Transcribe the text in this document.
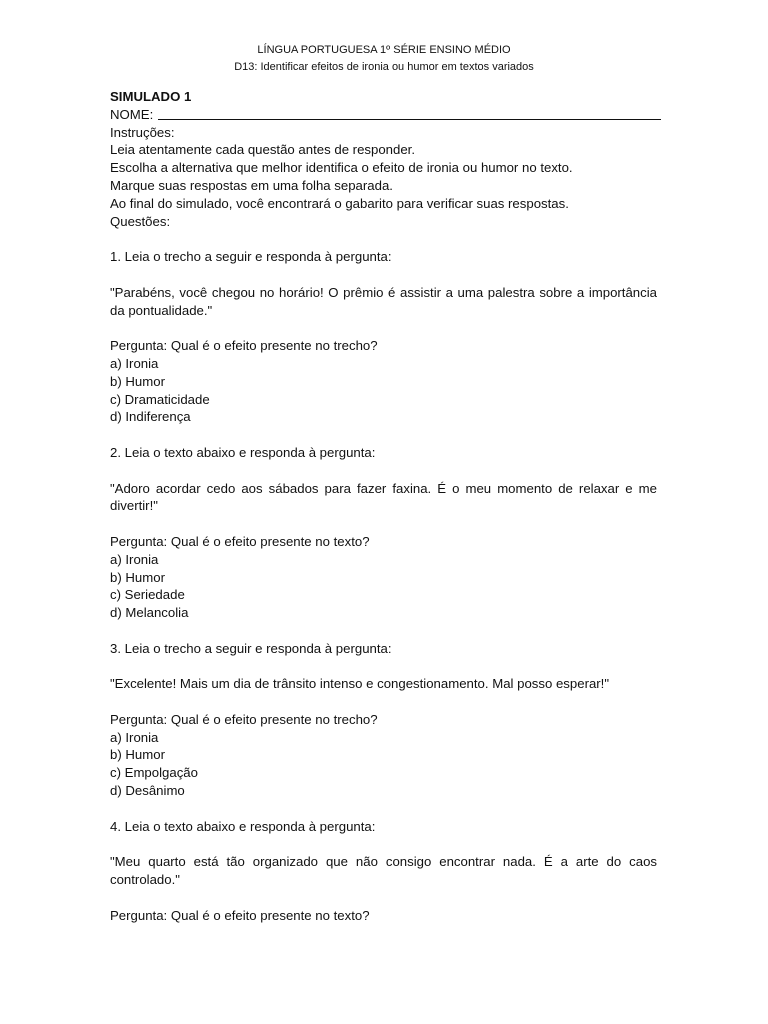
LÍNGUA PORTUGUESA 1º SÉRIE ENSINO MÉDIO
D13: Identificar efeitos de ironia ou humor em textos variados
SIMULADO 1
NOME:
Instruções:
Leia atentamente cada questão antes de responder.
Escolha a alternativa que melhor identifica o efeito de ironia ou humor no texto.
Marque suas respostas em uma folha separada.
Ao final do simulado, você encontrará o gabarito para verificar suas respostas.
Questões:
1. Leia o trecho a seguir e responda à pergunta:
"Parabéns, você chegou no horário! O prêmio é assistir a uma palestra sobre a importância da pontualidade."
Pergunta: Qual é o efeito presente no trecho?
a) Ironia
b) Humor
c) Dramaticidade
d) Indiferença
2. Leia o texto abaixo e responda à pergunta:
"Adoro acordar cedo aos sábados para fazer faxina. É o meu momento de relaxar e me divertir!"
Pergunta: Qual é o efeito presente no texto?
a) Ironia
b) Humor
c) Seriedade
d) Melancolia
3. Leia o trecho a seguir e responda à pergunta:
"Excelente! Mais um dia de trânsito intenso e congestionamento. Mal posso esperar!"
Pergunta: Qual é o efeito presente no trecho?
a) Ironia
b) Humor
c) Empolgação
d) Desânimo
4. Leia o texto abaixo e responda à pergunta:
"Meu quarto está tão organizado que não consigo encontrar nada. É a arte do caos controlado."
Pergunta: Qual é o efeito presente no texto?
